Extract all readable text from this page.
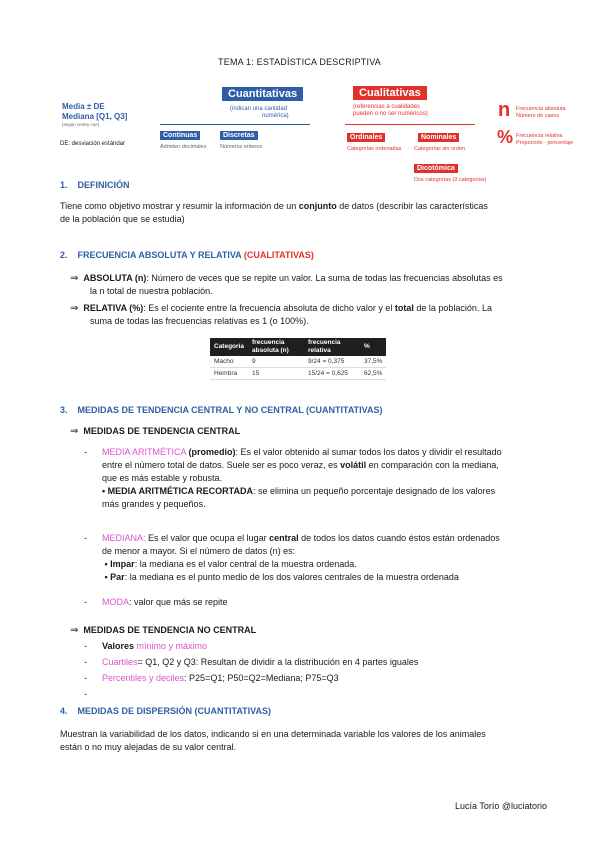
TEMA 1: ESTADÍSTICA DESCRIPTIVA
Media ± DE
Mediana [Q1, Q3]
(según ventry cue)
DE: desviación estándar
Cuantitativas
(indican una cantidad
numérica)
Continuas
Admiten decimales
Discretas
Números enteros
Cualitativas
(referencias a cualidades
pueden o no ser numéricos)
Ordinales
Categorías ordenadas
Nominales
Categorías sin orden
Dicotómica
Dos categorías (2 categorías)
n Frecuencia absoluta
Número de casos
% Frecuencia relativa
Proporción · porcentaje
1.    DEFINICIÓN
Tiene como objetivo mostrar y resumir la información de un conjunto de datos (describir las características
de la población que se estudia)
2.    FRECUENCIA ABSOLUTA Y RELATIVA (CUALITATIVAS)
⇒ ABSOLUTA (n): Número de veces que se repite un valor. La suma de todas las frecuencias absolutas es
la n total de nuestra población.
⇒ RELATIVA (%): Es el cociente entre la frecuencia absoluta de dicho valor y el total de la población. La
suma de todas las frecuencias relativas es 1 (o 100%).
Categoría	frecuencia absoluta (n)	frecuencia relativa	%
Macho	9	9/24 = 0,375	37,5%
Hembra	15	15/24 = 0,625	62,5%
3.    MEDIDAS DE TENDENCIA CENTRAL Y NO CENTRAL (CUANTITATIVAS)
⇒ MEDIDAS DE TENDENCIA CENTRAL
-	MEDIA ARITMÉTICA (promedio): Es el valor obtenido al sumar todos los datos y dividir el resultado
entre el número total de datos. Suele ser es poco veraz, es volátil en comparación con la mediana,
que es más estable y robusta.
• MEDIA ARITMÉTICA RECORTADA: se elimina un pequeño porcentaje designado de los valores
más grandes y pequeños.
-	MEDIANA: Es el valor que ocupa el lugar central de todos los datos cuando éstos están ordenados
de menor a mayor. Si el número de datos (n) es:
• Impar: la mediana es el valor central de la muestra ordenada.
• Par: la mediana es el punto medio de los dos valores centrales de la muestra ordenada
-	MODA: valor que más se repite
⇒ MEDIDAS DE TENDENCIA NO CENTRAL
-	Valores mínimo y máximo
-	Cuartiles= Q1, Q2 y Q3: Resultan de dividir a la distribución en 4 partes iguales
-	Percentiles y deciles: P25=Q1; P50=Q2=Mediana; P75=Q3
-
4.    MEDIDAS DE DISPERSIÓN (CUANTITATIVAS)
Muestran la variabilidad de los datos, indicando si en una determinada variable los valores de los animales
están o no muy alejadas de su valor central.
Lucía Torío @luciatorio
